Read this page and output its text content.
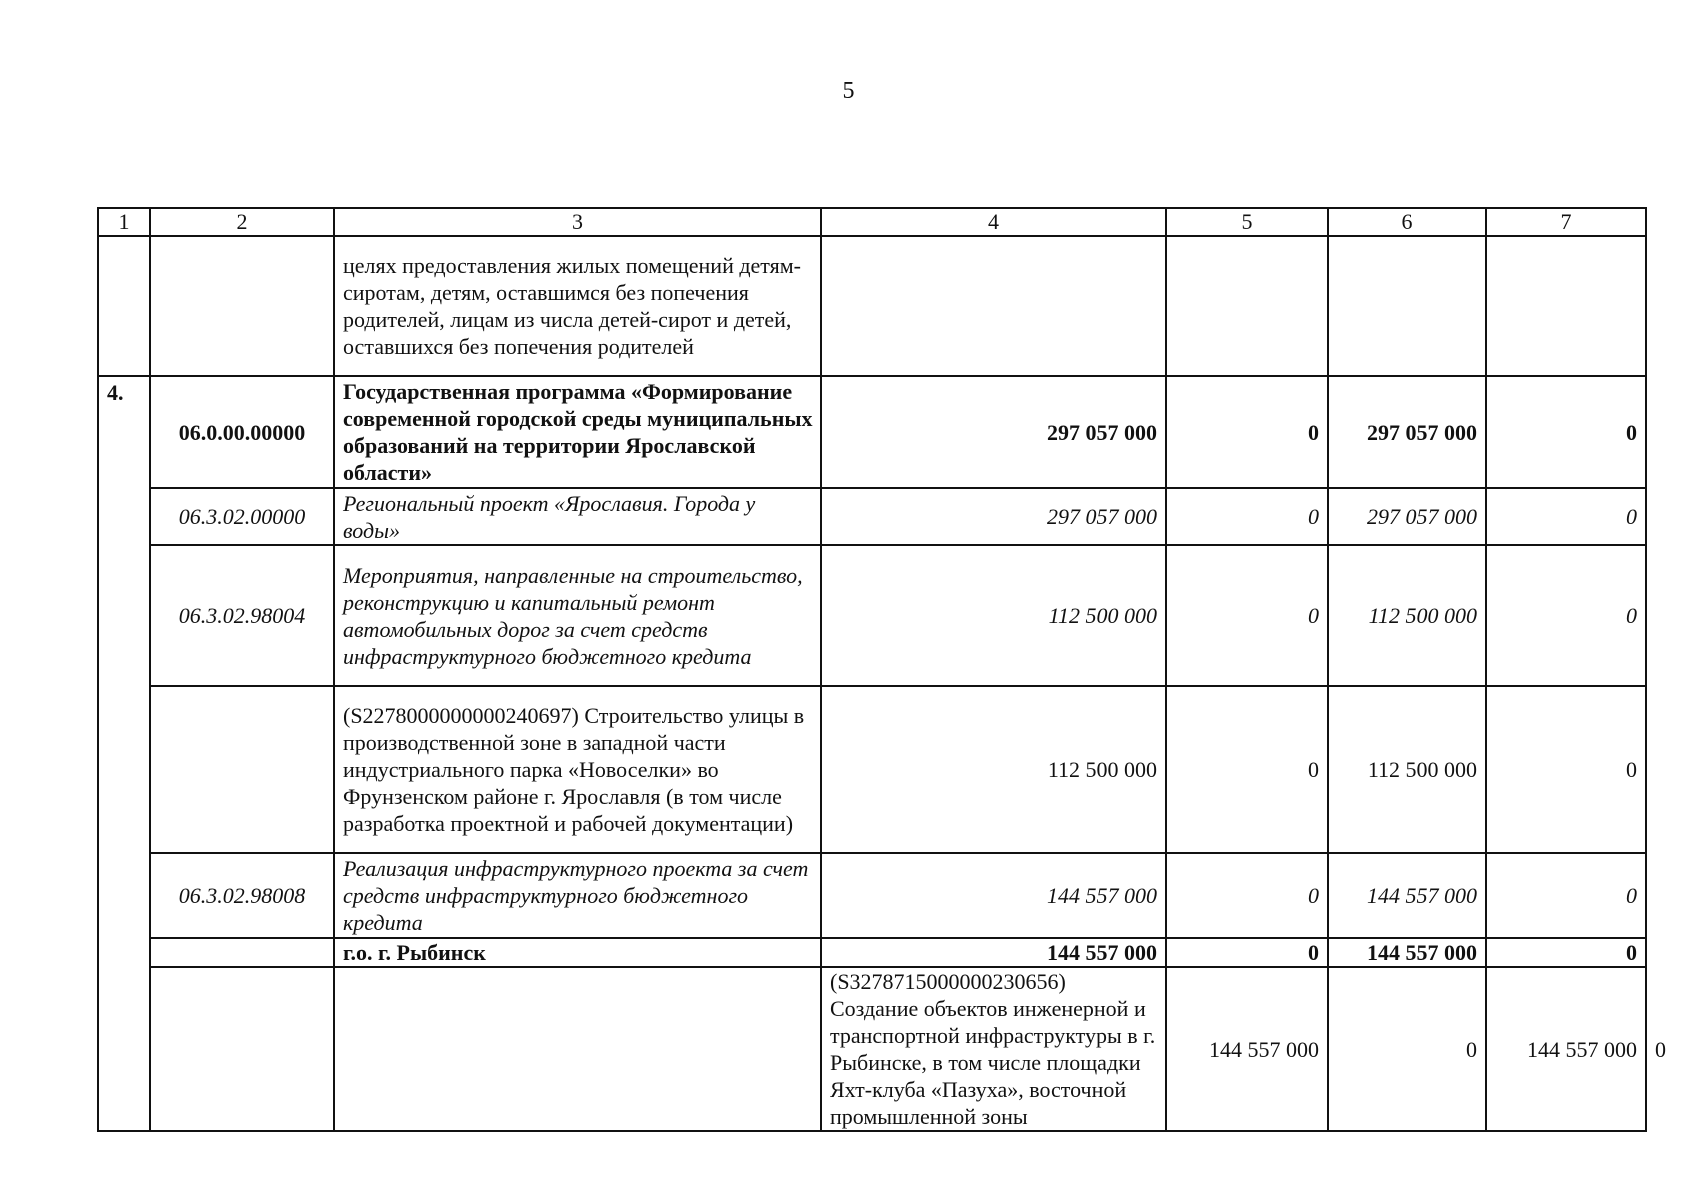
5
1	2	3	4	5	6	7	
		целях предоставления жилых помещений детям-сиротам, детям, оставшимся без попечения родителей, лицам из числа детей-сирот и детей, оставшихся без попечения родителей					
4.	06.0.00.00000	Государственная программа «Формирование современной городской среды муниципальных образований на территории Ярославской области»	297 057 000	0	297 057 000	0	
	06.3.02.00000	Региональный проект «Ярославия. Города у воды»	297 057 000	0	297 057 000	0	
	06.3.02.98004	Мероприятия, направленные на строительство, реконструкцию и капитальный ремонт автомобильных дорог за счет средств инфраструктурного бюджетного кредита	112 500 000	0	112 500 000	0	
		(S2278000000000240697) Строительство улицы в производственной зоне в западной части индустриального парка «Новоселки» во Фрунзенском районе г. Ярославля (в том числе разработка проектной и рабочей документации)	112 500 000	0	112 500 000	0	
	06.3.02.98008	Реализация инфраструктурного проекта за счет средств инфраструктурного бюджетного кредита	144 557 000	0	144 557 000	0	
		г.о. г. Рыбинск	144 557 000	0	144 557 000	0	
			(S3278715000000230656) Создание объектов инженерной и транспортной инфраструктуры в г. Рыбинске, в том числе площадки Яхт-клуба «Пазуха», восточной промышленной зоны	144 557 000	0	144 557 000	0
